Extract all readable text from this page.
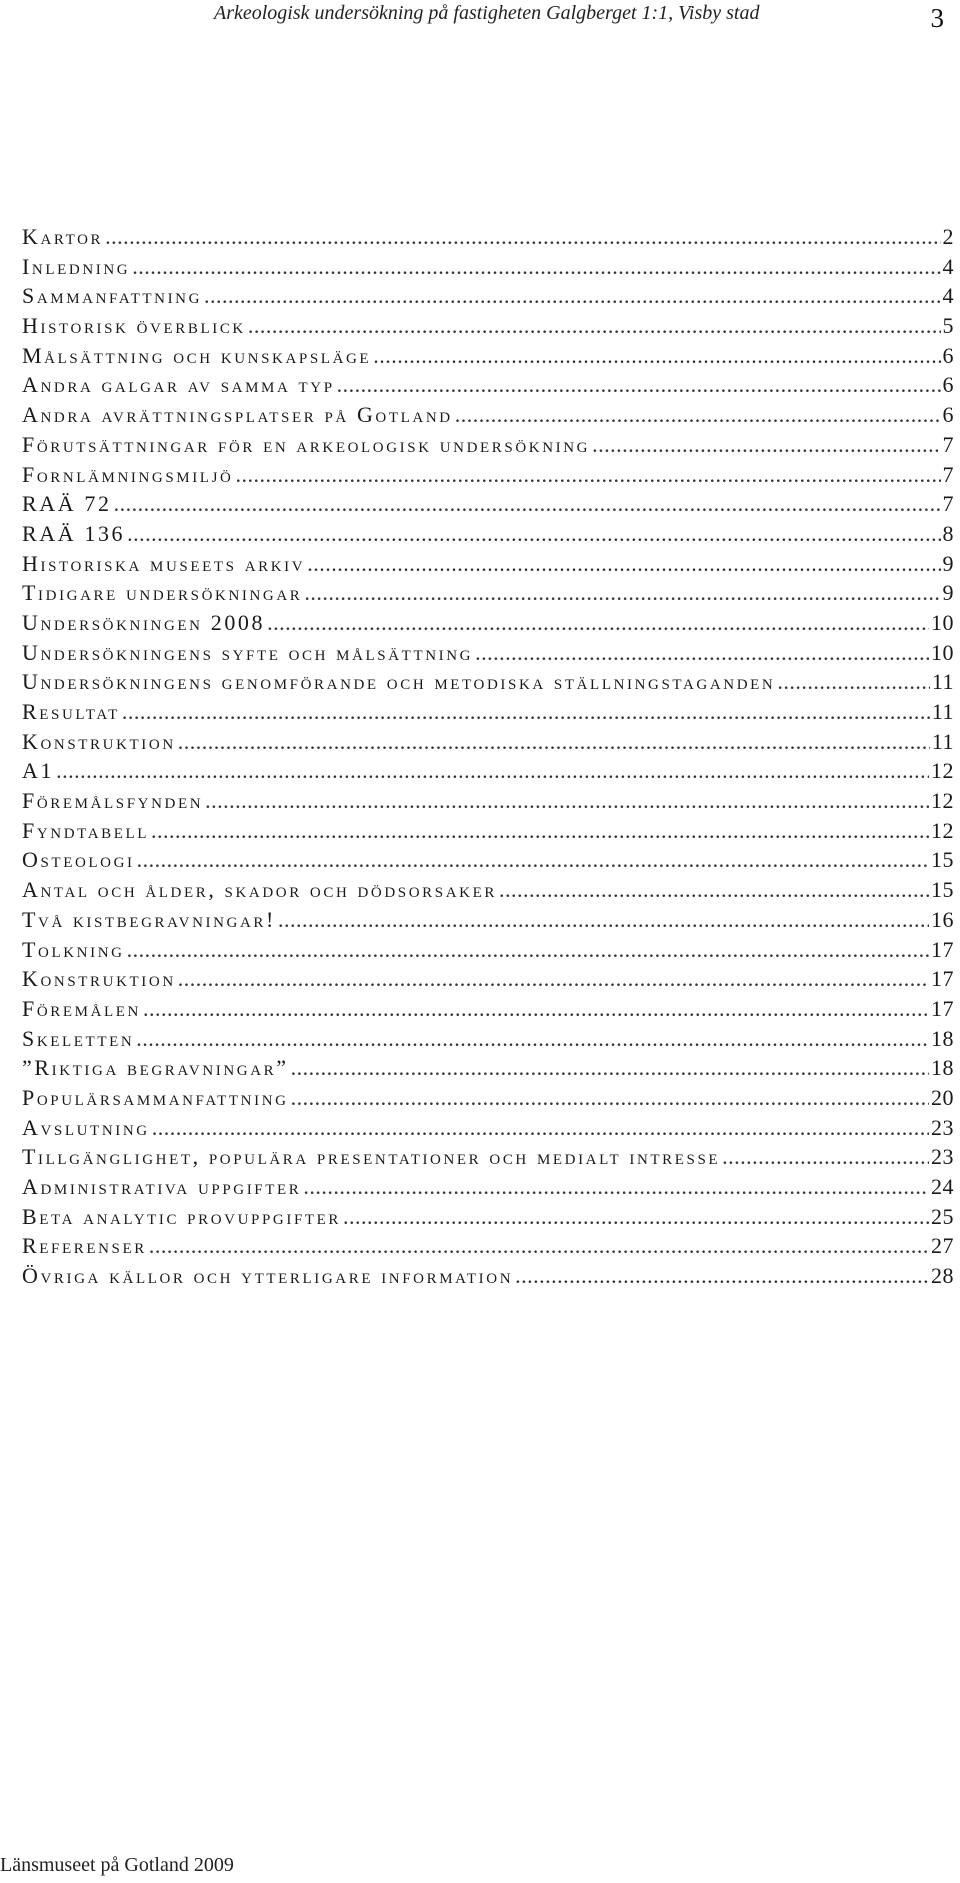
Arkeologisk undersökning på fastigheten Galgberget 1:1, Visby stad	3
Kartor .....	2
Inledning .....	4
Sammanfattning .....	4
Historisk överblick .....	5
Målsättning och kunskapsläge .....	6
Andra galgar av samma typ .....	6
Andra avrättningsplatser på Gotland .....	6
Förutsättningar för en arkeologisk undersökning .....	7
Fornlämningsmiljö .....	7
RAÄ 72 .....	7
RAÄ 136 .....	8
Historiska museets arkiv .....	9
Tidigare undersökningar .....	9
Undersökningen 2008 .....	10
Undersökningens syfte och målsättning .....	10
Undersökningens genomförande och metodiska ställningstaganden .....	11
Resultat .....	11
Konstruktion .....	11
A1 .....	12
Föremålsfynden .....	12
Fyndtabell .....	12
Osteologi .....	15
Antal och ålder, skador och dödsorsaker .....	15
Två kistbegravningar! .....	16
Tolkning .....	17
Konstruktion .....	17
Föremålen .....	17
Skeletten .....	18
”Riktiga begravningar” .....	18
Populärsammanfattning .....	20
Avslutning .....	23
Tillgänglighet, populära presentationer och medialt intresse .....	23
Administrativa uppgifter .....	24
Beta analytic provuppgifter .....	25
Referenser .....	27
Övriga källor och ytterligare information .....	28
Länsmuseet på Gotland 2009
